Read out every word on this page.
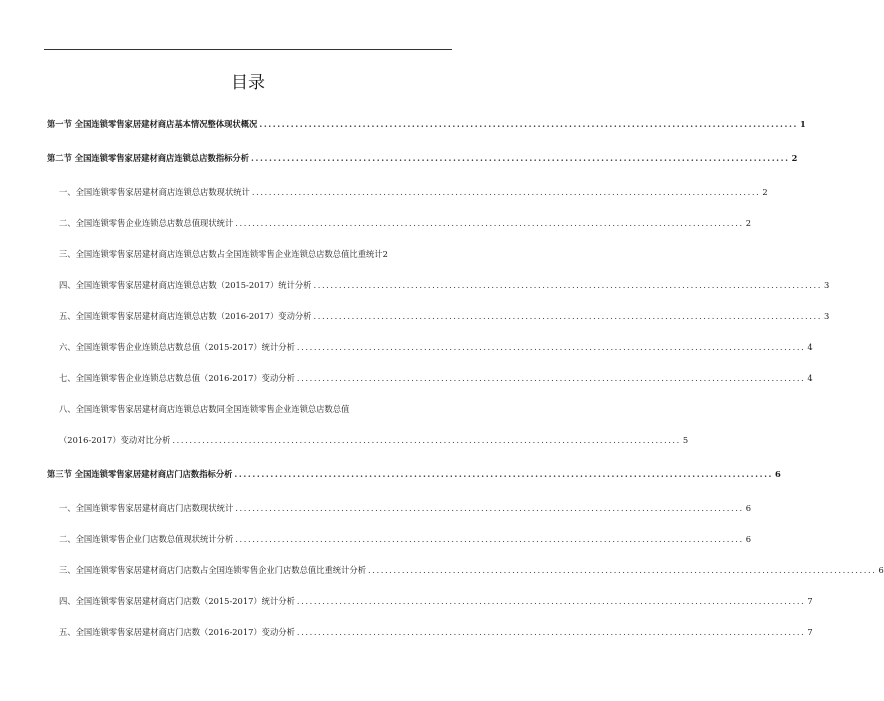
目录
第一节 全国连锁零售家居建材商店基本情况整体现状概况 ........................................................................................................................ 1
第二节 全国连锁零售家居建材商店连锁总店数指标分析 ........................................................................................................................ 2
一、全国连锁零售家居建材商店连锁总店数现状统计 ........................................................................................................................ 2
二、全国连锁零售企业连锁总店数总值现状统计 ........................................................................................................................ 2
三、全国连锁零售家居建材商店连锁总店数占全国连锁零售企业连锁总店数总值比重统计 2
四、全国连锁零售家居建材商店连锁总店数（2015-2017）统计分析 ........................................................................................................................ 3
五、全国连锁零售家居建材商店连锁总店数（2016-2017）变动分析 ........................................................................................................................ 3
六、全国连锁零售企业连锁总店数总值（2015-2017）统计分析 ........................................................................................................................ 4
七、全国连锁零售企业连锁总店数总值（2016-2017）变动分析 ........................................................................................................................ 4
八、全国连锁零售家居建材商店连锁总店数同全国连锁零售企业连锁总店数总值
（2016-2017）变动对比分析 ........................................................................................................................ 5
第三节 全国连锁零售家居建材商店门店数指标分析 ........................................................................................................................ 6
一、全国连锁零售家居建材商店门店数现状统计 ........................................................................................................................ 6
二、全国连锁零售企业门店数总值现状统计分析 ........................................................................................................................ 6
三、全国连锁零售家居建材商店门店数占全国连锁零售企业门店数总值比重统计分析 ........................................................................................................................ 6
四、全国连锁零售家居建材商店门店数（2015-2017）统计分析 ........................................................................................................................ 7
五、全国连锁零售家居建材商店门店数（2016-2017）变动分析 ........................................................................................................................ 7
